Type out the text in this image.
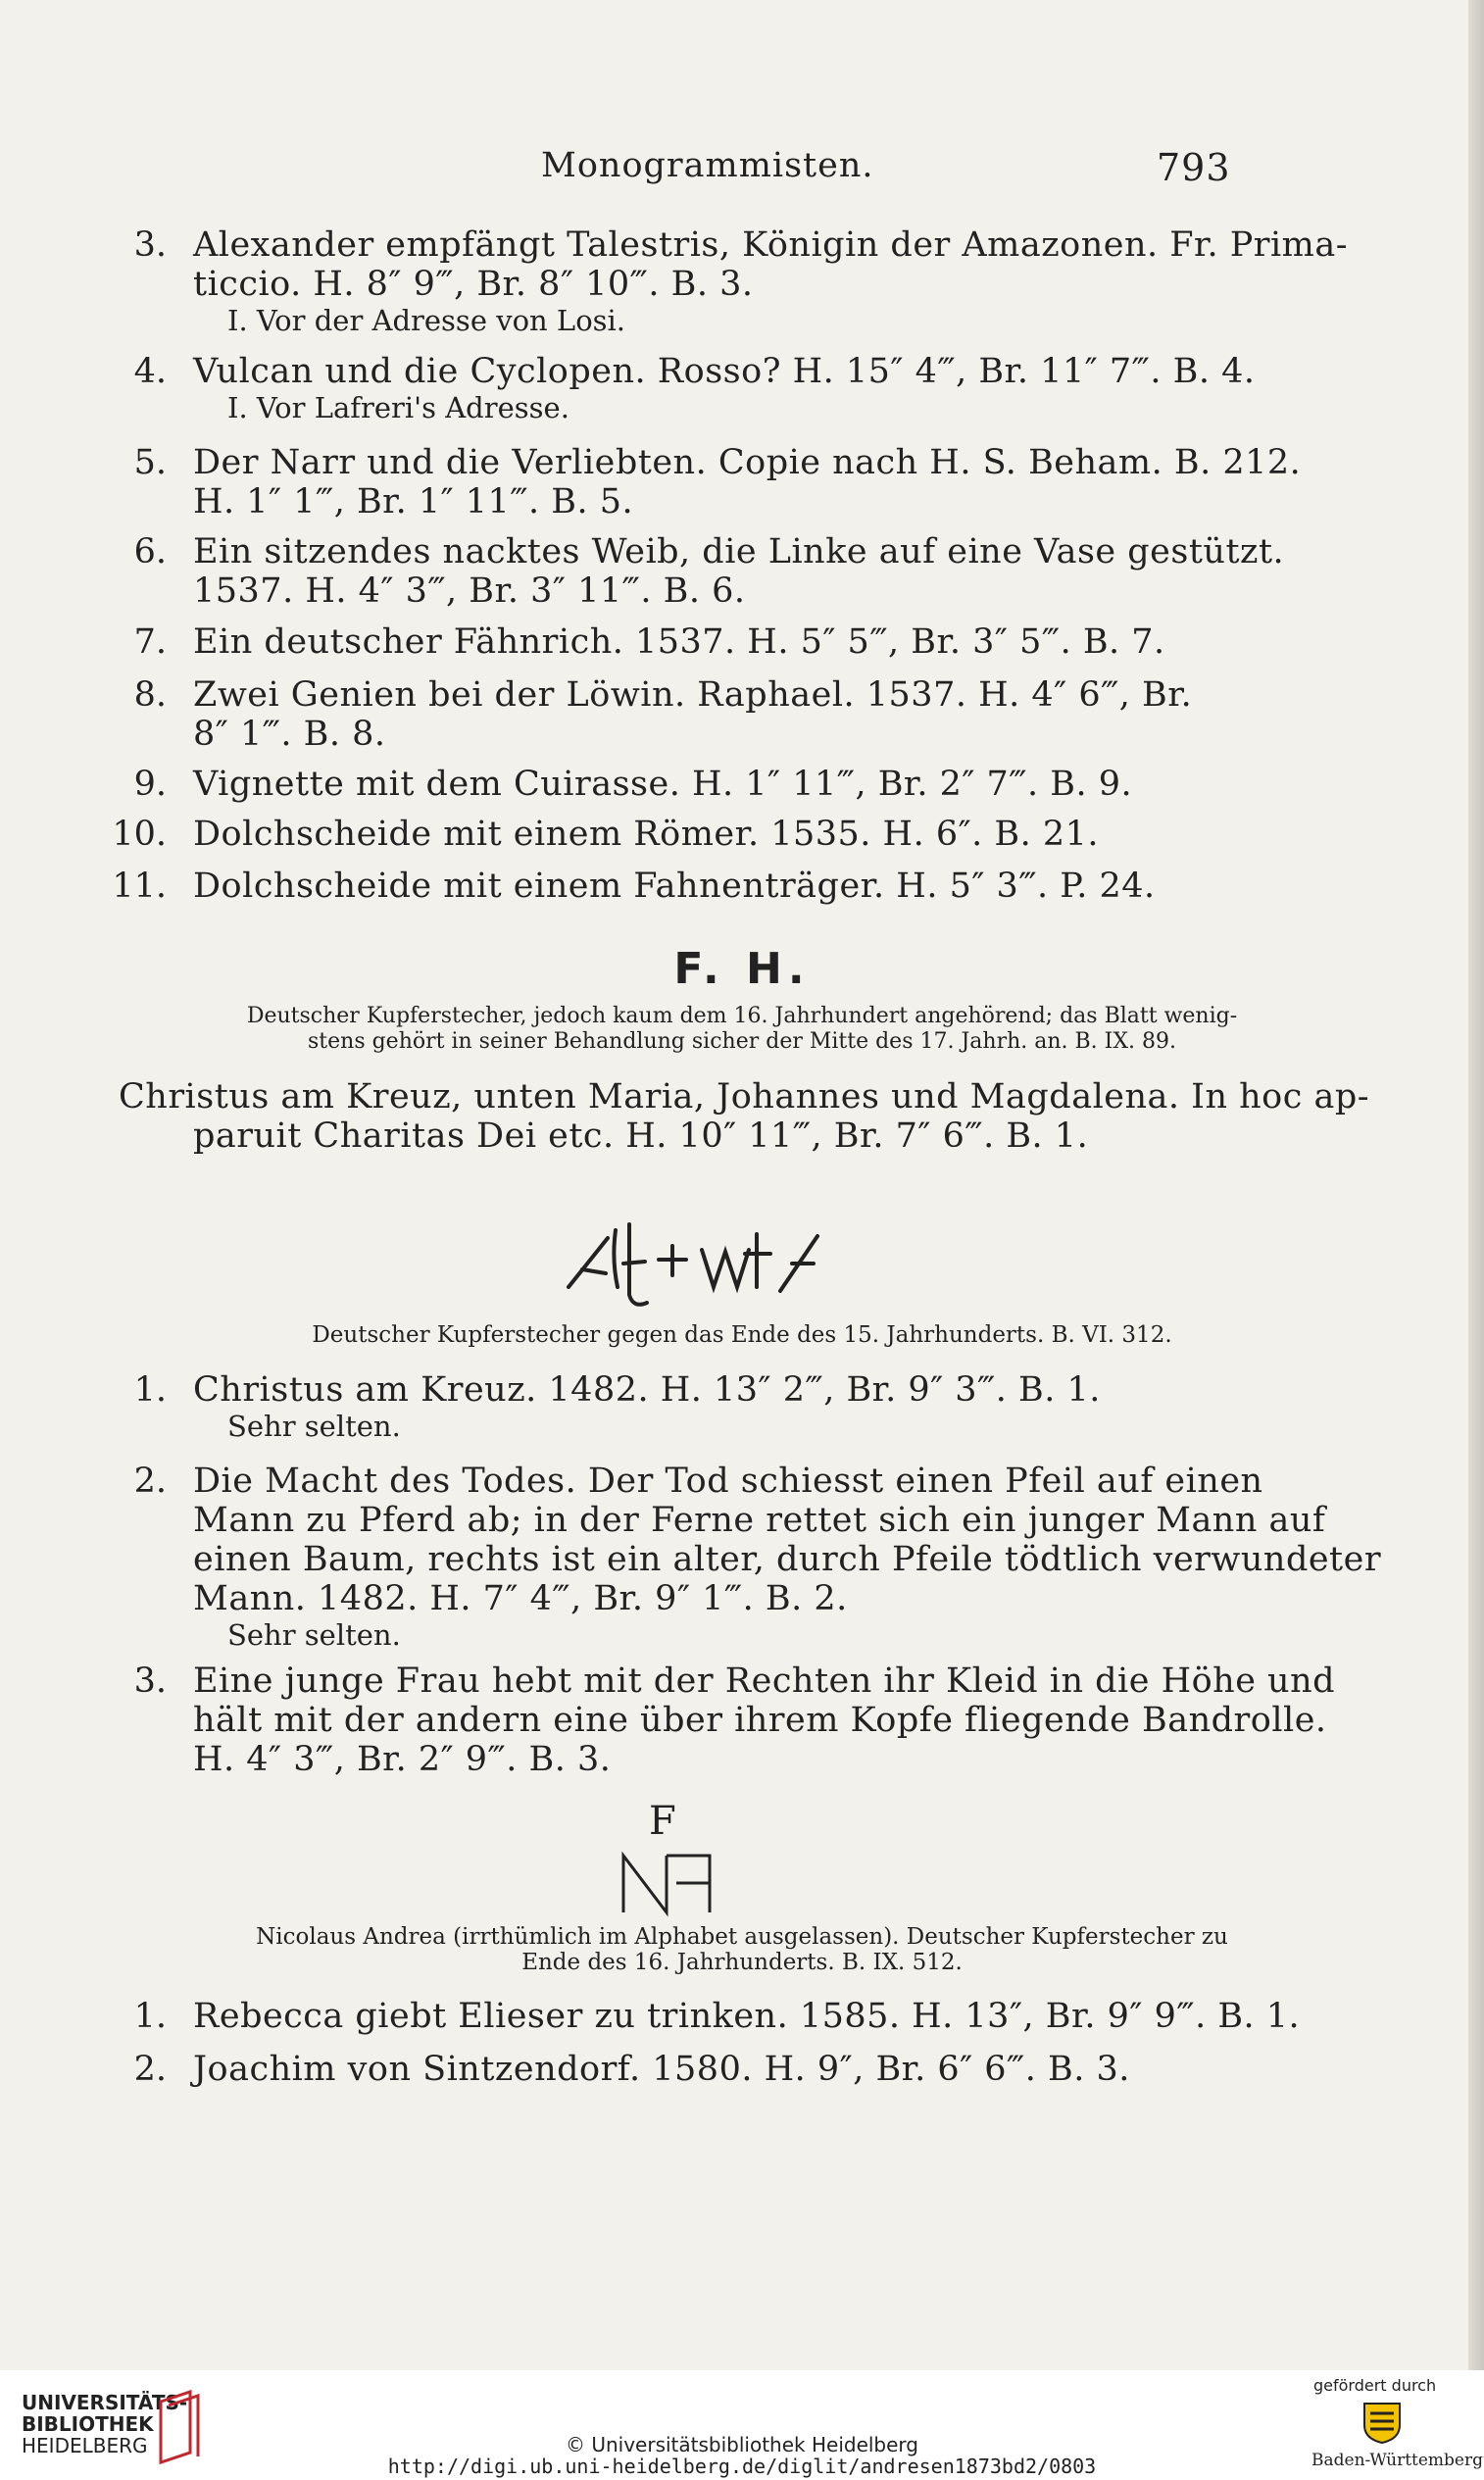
Monogrammisten.	793
3. Alexander empfängt Talestris, Königin der Amazonen. Fr. Prima-
ticcio. H. 8″ 9‴, Br. 8″ 10‴. B. 3.
I. Vor der Adresse von Losi.
4. Vulcan und die Cyclopen. Rosso? H. 15″ 4‴, Br. 11″ 7‴. B. 4.
I. Vor Lafreri's Adresse.
5. Der Narr und die Verliebten. Copie nach H. S. Beham. B. 212.
H. 1″ 1‴, Br. 1″ 11‴. B. 5.
6. Ein sitzendes nacktes Weib, die Linke auf eine Vase gestützt.
1537. H. 4″ 3‴, Br. 3″ 11‴. B. 6.
7. Ein deutscher Fähnrich. 1537. H. 5″ 5‴, Br. 3″ 5‴. B. 7.
8. Zwei Genien bei der Löwin. Raphael. 1537. H. 4″ 6‴, Br.
8″ 1‴. B. 8.
9. Vignette mit dem Cuirasse. H. 1″ 11‴, Br. 2″ 7‴. B. 9.
10. Dolchscheide mit einem Römer. 1535. H. 6″. B. 21.
11. Dolchscheide mit einem Fahnenträger. H. 5″ 3‴. P. 24.
F. H.
Deutscher Kupferstecher, jedoch kaum dem 16. Jahrhundert angehörend; das Blatt wenig-
stens gehört in seiner Behandlung sicher der Mitte des 17. Jahrh. an. B. IX. 89.
Christus am Kreuz, unten Maria, Johannes und Magdalena. In hoc ap-
paruit Charitas Dei etc. H. 10″ 11‴, Br. 7″ 6‴. B. 1.
Deutscher Kupferstecher gegen das Ende des 15. Jahrhunderts. B. VI. 312.
1. Christus am Kreuz. 1482. H. 13″ 2‴, Br. 9″ 3‴. B. 1.
Sehr selten.
2. Die Macht des Todes. Der Tod schiesst einen Pfeil auf einen
Mann zu Pferd ab; in der Ferne rettet sich ein junger Mann auf
einen Baum, rechts ist ein alter, durch Pfeile tödtlich verwundeter
Mann. 1482. H. 7″ 4‴, Br. 9″ 1‴. B. 2.
Sehr selten.
3. Eine junge Frau hebt mit der Rechten ihr Kleid in die Höhe und
hält mit der andern eine über ihrem Kopfe fliegende Bandrolle.
H. 4″ 3‴, Br. 2″ 9‴. B. 3.
F
Nicolaus Andrea (irrthümlich im Alphabet ausgelassen). Deutscher Kupferstecher zu
Ende des 16. Jahrhunderts. B. IX. 512.
1. Rebecca giebt Elieser zu trinken. 1585. H. 13″, Br. 9″ 9‴. B. 1.
2. Joachim von Sintzendorf. 1580. H. 9″, Br. 6″ 6‴. B. 3.
UNIVERSITÄTS-
BIBLIOTHEK
HEIDELBERG	© Universitätsbibliothek Heidelberg
http://digi.ub.uni-heidelberg.de/diglit/andresen1873bd2/0803
gefördert durch
Baden-Württemberg
